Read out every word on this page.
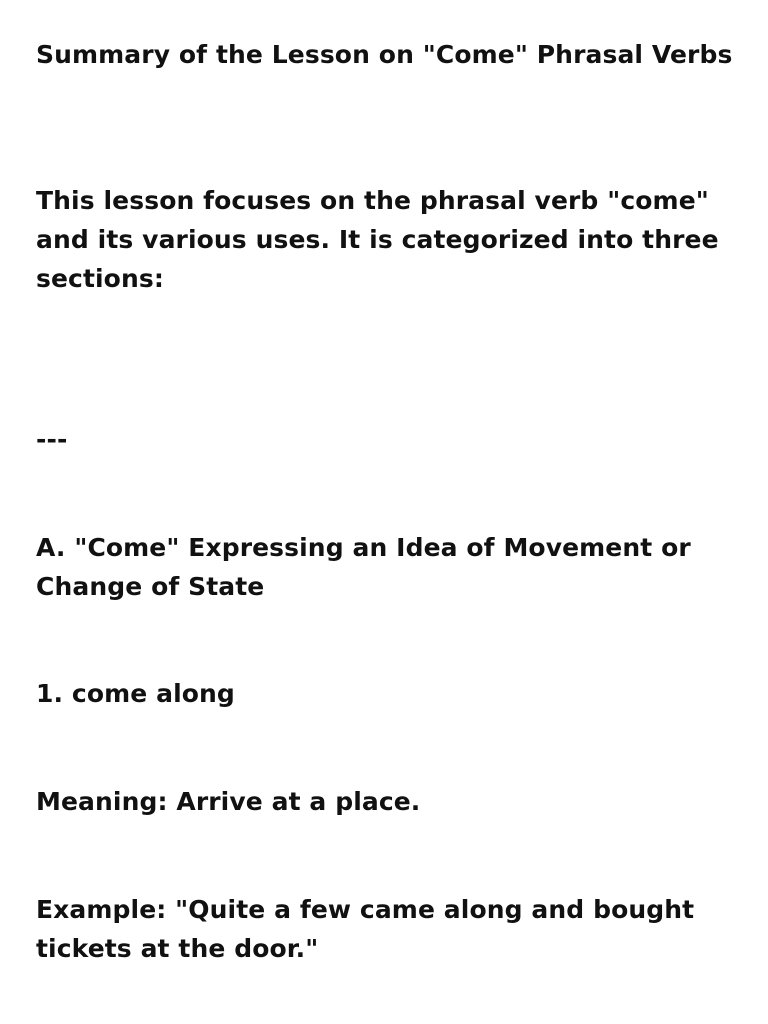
Summary of the Lesson on "Come" Phrasal Verbs

This lesson focuses on the phrasal verb "come" and its various uses. It is categorized into three sections:

---

A. "Come" Expressing an Idea of Movement or Change of State

1. come along

Meaning: Arrive at a place.

Example: "Quite a few came along and bought tickets at the door."
